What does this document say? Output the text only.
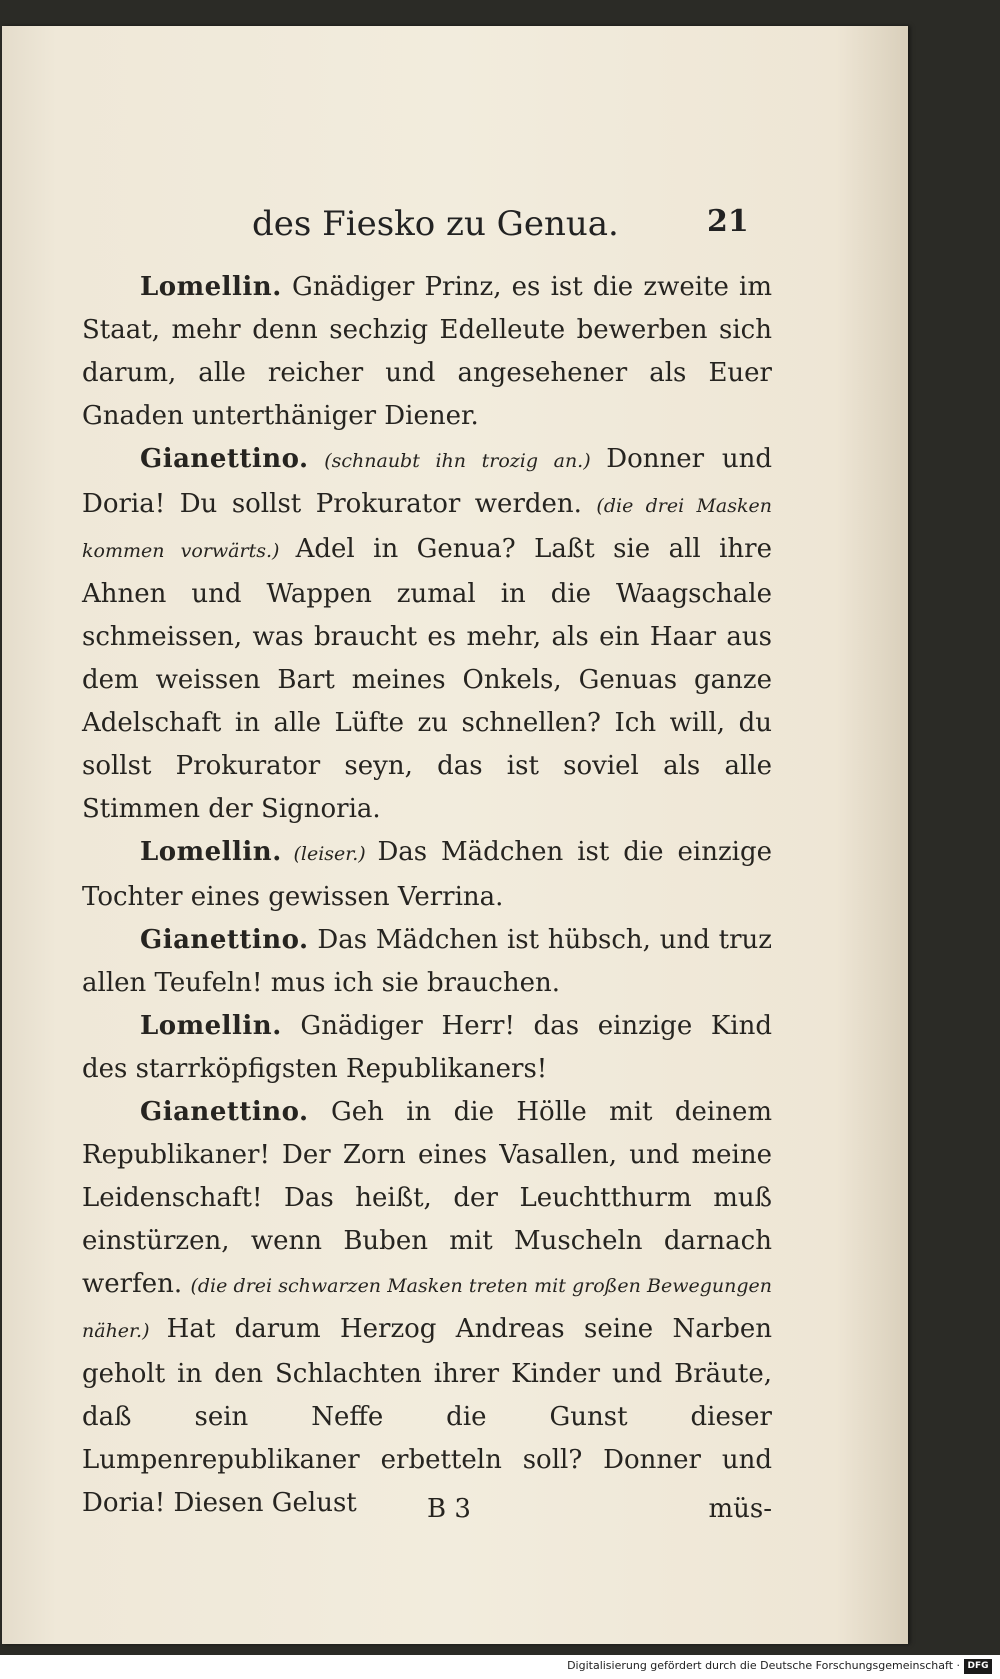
des Fiesko zu Genua.	21

Lomellin. Gnädiger Prinz, es ist die zweite im Staat, mehr denn sechzig Edelleute bewerben sich darum, alle reicher und angesehener als Euer Gnaden unterthäniger Diener.

Gianettino. (schnaubt ihn trozig an.) Donner und Doria! Du sollst Prokurator werden. (die drei Masken kommen vorwärts.) Adel in Genua? Laßt sie all ihre Ahnen und Wappen zumal in die Waagschale schmeissen, was braucht es mehr, als ein Haar aus dem weissen Bart meines Onkels, Genuas ganze Adelschaft in alle Lüfte zu schnellen? Ich will, du sollst Prokurator seyn, das ist soviel als alle Stimmen der Signoria.

Lomellin. (leiser.) Das Mädchen ist die einzige Tochter eines gewissen Verrina.

Gianettino. Das Mädchen ist hübsch, und truz allen Teufeln! mus ich sie brauchen.

Lomellin. Gnädiger Herr! das einzige Kind des starrköpfigsten Republikaners!

Gianettino. Geh in die Hölle mit deinem Republikaner! Der Zorn eines Vasallen, und meine Leidenschaft! Das heißt, der Leuchtthurm muß einstürzen, wenn Buben mit Muscheln darnach werfen. (die drei schwarzen Masken treten mit großen Bewegungen näher.) Hat darum Herzog Andreas seine Narben geholt in den Schlachten ihrer Kinder und Bräute, daß sein Neffe die Gunst dieser Lumpenrepublikaner erbetteln soll? Donner und Doria! Diesen Gelust	B 3	müs-
Digitalisierung gefördert durch die Deutsche Forschungsgemeinschaft · DFG
